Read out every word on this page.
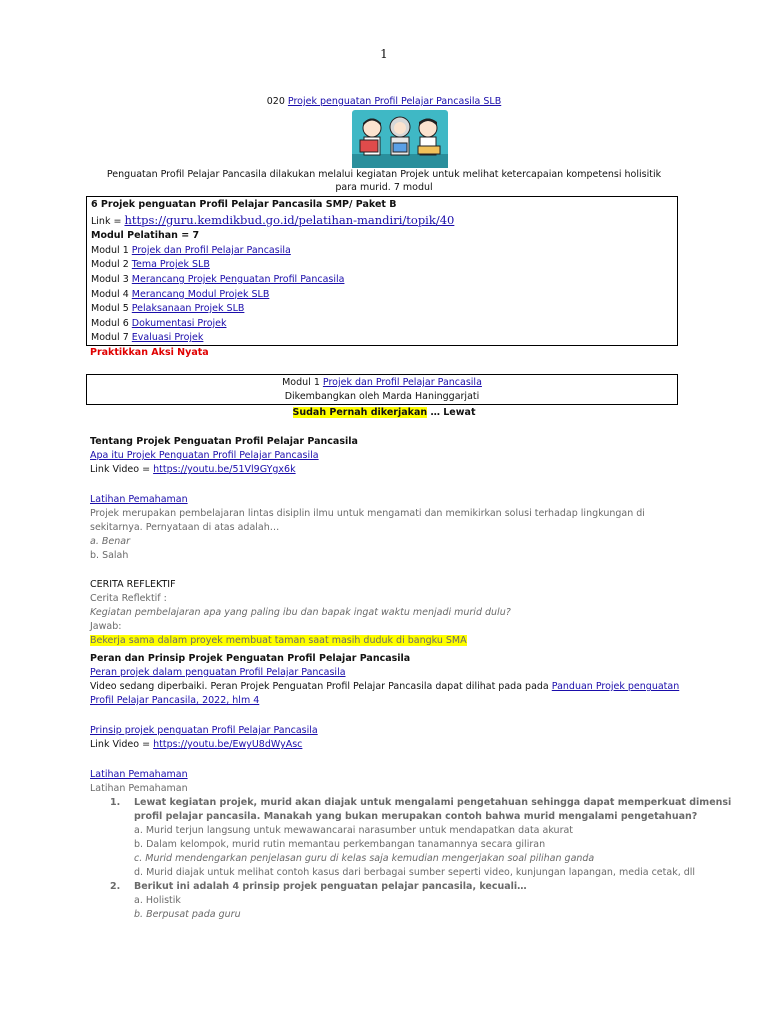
1
020 Projek penguatan Profil Pelajar Pancasila SLB
Penguatan Profil Pelajar Pancasila dilakukan melalui kegiatan Projek untuk melihat ketercapaian kompetensi holisitik para murid. 7 modul
6 Projek penguatan Profil Pelajar Pancasila SMP/ Paket B
Link = https://guru.kemdikbud.go.id/pelatihan-mandiri/topik/40
Modul Pelatihan = 7
Modul 1 Projek dan Profil Pelajar Pancasila
Modul 2 Tema Projek SLB
Modul 3 Merancang Projek Penguatan Profil Pancasila
Modul 4 Merancang Modul Projek SLB
Modul 5 Pelaksanaan Projek SLB
Modul 6 Dokumentasi Projek
Modul 7 Evaluasi Projek
Praktikkan Aksi Nyata
Modul 1 Projek dan Profil Pelajar Pancasila
Dikembangkan oleh Marda Haninggarjati
Sudah Pernah dikerjakan … Lewat
Tentang Projek Penguatan Profil Pelajar Pancasila
Apa itu Projek Penguatan Profil Pelajar Pancasila
Link Video = https://youtu.be/51Vl9GYgx6k
Latihan Pemahaman
Projek merupakan pembelajaran lintas disiplin ilmu untuk mengamati dan memikirkan solusi terhadap lingkungan di
sekitarnya. Pernyataan di atas adalah…
a. Benar
b. Salah
CERITA REFLEKTIF
Cerita Reflektif :
Kegiatan pembelajaran apa yang paling ibu dan bapak ingat waktu menjadi murid dulu?
Jawab:
Bekerja sama dalam proyek membuat taman saat masih duduk di bangku SMA
Peran dan Prinsip Projek Penguatan Profil Pelajar Pancasila
Peran projek dalam penguatan Profil Pelajar Pancasila
Video sedang diperbaiki. Peran Projek Penguatan Profil Pelajar Pancasila dapat dilihat pada pada Panduan Projek penguatan
Profil Pelajar Pancasila, 2022, hlm 4
Prinsip projek penguatan Profil Pelajar Pancasila
Link Video = https://youtu.be/EwyU8dWyAsc
Latihan Pemahaman
Latihan Pemahaman
1. Lewat kegiatan projek, murid akan diajak untuk mengalami pengetahuan sehingga dapat memperkuat dimensi
profil pelajar pancasila. Manakah yang bukan merupakan contoh bahwa murid mengalami pengetahuan?
a. Murid terjun langsung untuk mewawancarai narasumber untuk mendapatkan data akurat
b. Dalam kelompok, murid rutin memantau perkembangan tanamannya secara giliran
c. Murid mendengarkan penjelasan guru di kelas saja kemudian mengerjakan soal pilihan ganda
d. Murid diajak untuk melihat contoh kasus dari berbagai sumber seperti video, kunjungan lapangan, media cetak, dll
2. Berikut ini adalah 4 prinsip projek penguatan pelajar pancasila, kecuali…
a. Holistik
b. Berpusat pada guru
